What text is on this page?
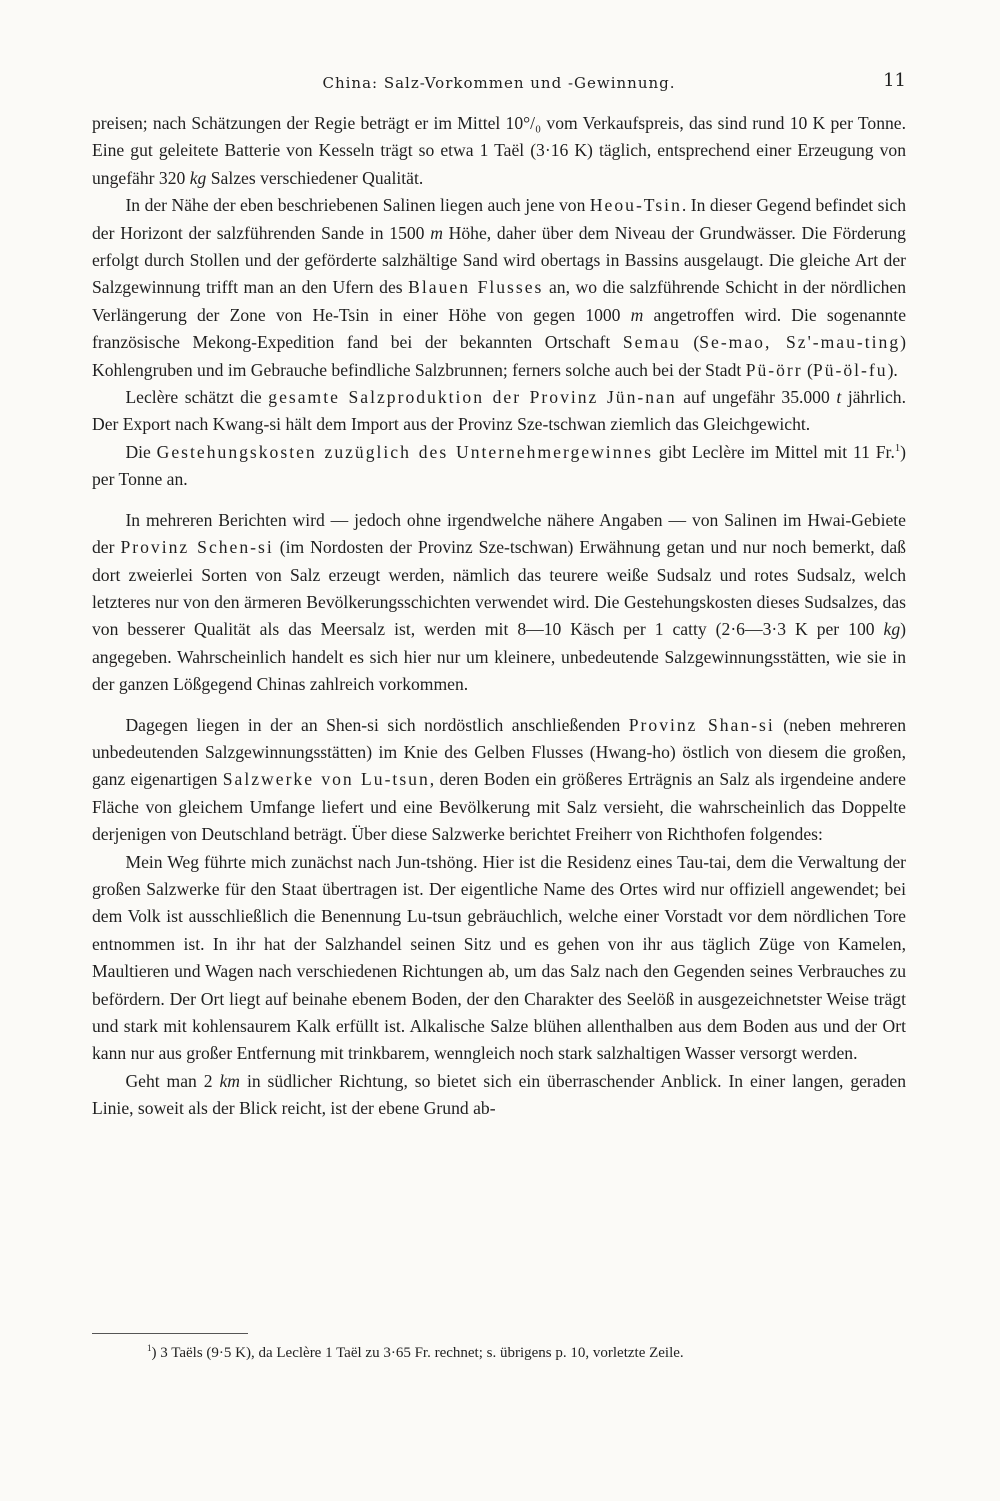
China: Salz-Vorkommen und -Gewinnung.	11

preisen; nach Schätzungen der Regie beträgt er im Mittel 10°/₀ vom Verkaufspreis, das sind rund 10 K per Tonne. Eine gut geleitete Batterie von Kesseln trägt so etwa 1 Taël (3·16 K) täglich, entsprechend einer Erzeugung von ungefähr 320 kg Salzes verschiedener Qualität.

In der Nähe der eben beschriebenen Salinen liegen auch jene von Heou-Tsin. In dieser Gegend befindet sich der Horizont der salzführenden Sande in 1500 m Höhe, daher über dem Niveau der Grundwässer. Die Förderung erfolgt durch Stollen und der geförderte salzhältige Sand wird obertags in Bassins ausgelaugt. Die gleiche Art der Salzgewinnung trifft man an den Ufern des Blauen Flusses an, wo die salzführende Schicht in der nördlichen Verlängerung der Zone von He-Tsin in einer Höhe von gegen 1000 m angetroffen wird. Die sogenannte französische Mekong-Expedition fand bei der bekannten Ortschaft Semau (Se-mao, Sz'-mau-ting) Kohlengruben und im Gebrauche befindliche Salzbrunnen; ferners solche auch bei der Stadt Pü-örr (Pü-öl-fu).

Leclère schätzt die gesamte Salzproduktion der Provinz Jün-nan auf ungefähr 35.000 t jährlich. Der Export nach Kwang-si hält dem Import aus der Provinz Sze-tschwan ziemlich das Gleichgewicht.

Die Gestehungskosten zuzüglich des Unternehmergewinnes gibt Leclère im Mittel mit 11 Fr.$^1$) per Tonne an.

In mehreren Berichten wird — jedoch ohne irgendwelche nähere Angaben — von Salinen im Hwai-Gebiete der Provinz Schen-si (im Nordosten der Provinz Sze-tschwan) Erwähnung getan und nur noch bemerkt, daß dort zweierlei Sorten von Salz erzeugt werden, nämlich das teurere weiße Sudsalz und rotes Sudsalz, welch letzteres nur von den ärmeren Bevölkerungsschichten verwendet wird. Die Gestehungskosten dieses Sudsalzes, das von besserer Qualität als das Meersalz ist, werden mit 8—10 Käsch per 1 catty (2·6—3·3 K per 100 kg) angegeben. Wahrscheinlich handelt es sich hier nur um kleinere, unbedeutende Salzgewinnungsstätten, wie sie in der ganzen Lößgegend Chinas zahlreich vorkommen.

Dagegen liegen in der an Shen-si sich nordöstlich anschließenden Provinz Shan-si (neben mehreren unbedeutenden Salzgewinnungsstätten) im Knie des Gelben Flusses (Hwang-ho) östlich von diesem die großen, ganz eigenartigen Salzwerke von Lu-tsun, deren Boden ein größeres Erträgnis an Salz als irgendeine andere Fläche von gleichem Umfange liefert und eine Bevölkerung mit Salz versieht, die wahrscheinlich das Doppelte derjenigen von Deutschland beträgt. Über diese Salzwerke berichtet Freiherr von Richthofen folgendes:

Mein Weg führte mich zunächst nach Jun-tshöng. Hier ist die Residenz eines Tau-tai, dem die Verwaltung der großen Salzwerke für den Staat übertragen ist. Der eigentliche Name des Ortes wird nur offiziell angewendet; bei dem Volk ist ausschließlich die Benennung Lu-tsun gebräuchlich, welche einer Vorstadt vor dem nördlichen Tore entnommen ist. In ihr hat der Salzhandel seinen Sitz und es gehen von ihr aus täglich Züge von Kamelen, Maultieren und Wagen nach verschiedenen Richtungen ab, um das Salz nach den Gegenden seines Verbrauches zu befördern. Der Ort liegt auf beinahe ebenem Boden, der den Charakter des Seelöß in ausgezeichnetster Weise trägt und stark mit kohlensaurem Kalk erfüllt ist. Alkalische Salze blühen allenthalben aus dem Boden aus und der Ort kann nur aus großer Entfernung mit trinkbarem, wenngleich noch stark salzhaltigen Wasser versorgt werden.

Geht man 2 km in südlicher Richtung, so bietet sich ein überraschender Anblick. In einer langen, geraden Linie, soweit als der Blick reicht, ist der ebene Grund ab-

$^1$) 3 Taëls (9·5 K), da Leclère 1 Taël zu 3·65 Fr. rechnet; s. übrigens p. 10, vorletzte Zeile.
